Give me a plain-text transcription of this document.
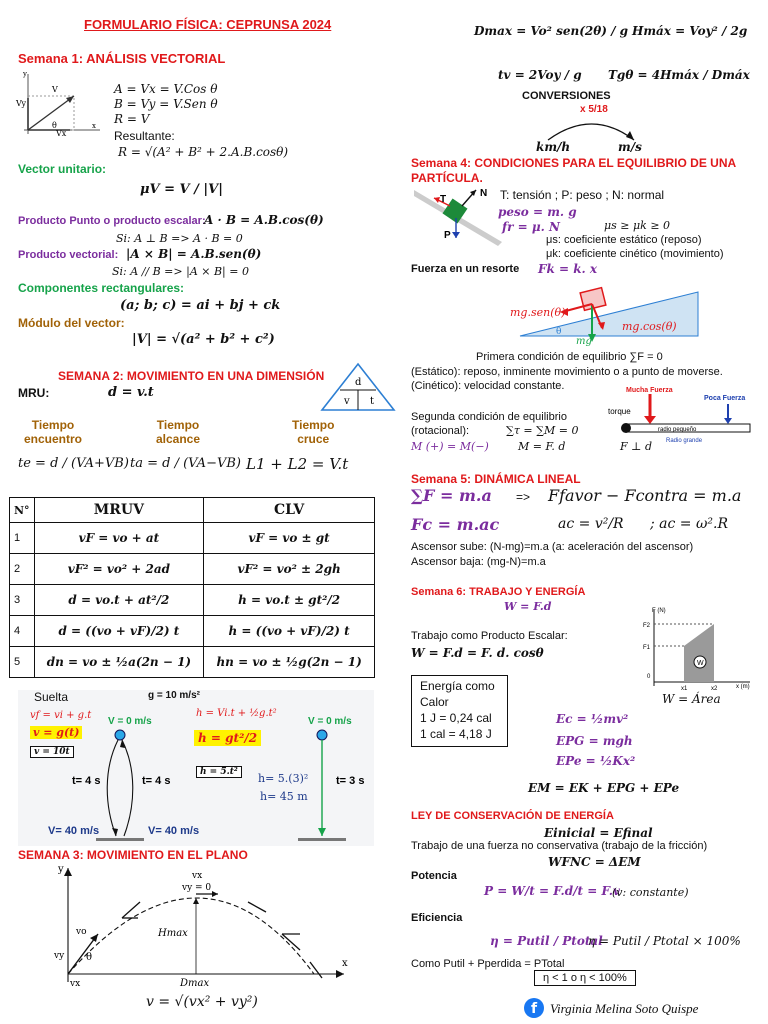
FORMULARIO FÍSICA: CEPRUNSA 2024
Semana 1: ANÁLISIS VECTORIAL
Vy
V
θ
Vx
x
y
A = Vx = V.Cos θ
B = Vy = V.Sen θ
R = V
Resultante:
R = √(A² + B² + 2.A.B.cosθ)
Vector unitario:
μV = V / |V|
Producto Punto o producto escalar:
A · B = A.B.cos(θ)
Si: A ⊥ B => A · B = 0
Producto vectorial: |A × B| = A.B.sen(θ)
Si: A // B => |A × B| = 0
Componentes rectangulares:
(a; b; c) = ai + bj + ck
Módulo del vector:
|V| = √(a² + b² + c²)
SEMANA 2: MOVIMIENTO EN UNA DIMENSIÓN
MRU:	d = v.t
d
v t
Tiempo
encuentro
Tiempo
alcance
Tiempo
cruce
te = d / (VA+VB) ta = d / (VA−VB) L1 + L2 = V.t
N°	MRUV	CLV
1	vF = vo + at	vF = vo ± gt
2	vF² = vo² + 2ad	vF² = vo² ± 2gh
3	d = vo.t + at²/2	h = vo.t ± gt²/2
4	d = ((vo + vF)/2) t	h = ((vo + vF)/2) t
5	dn = vo ± ½a(2n − 1)	hn = vo ± ½g(2n − 1)
Suelta	g = 10 m/s²
vf = vi + g.t
v = g(t)
v = 10t
h = Vi.t + ½g.t²
h = gt²/2
h = 5.t²
V = 0 m/s	V = 0 m/s
t= 4 s	t= 4 s	t= 3 s
h= 5.(3)²
h= 45 m
V= 40 m/s	V= 40 m/s
SEMANA 3: MOVIMIENTO EN EL PLANO
y
x
vx
vy = 0
vo
vy θ
Hmax
Dmax
vx
v = √(vx² + vy²)
Dmax = Vo² sen(2θ) / g Hmáx = Voy² / 2g
tv = 2Voy / g Tgθ = 4Hmáx / Dmáx
CONVERSIONES
x 5/18
km/h	m/s
Semana 4: CONDICIONES PARA EL EQUILIBRIO DE UNA PARTÍCULA.
T
N
P
T: tensión ; P: peso ; N: normal
peso = m. g
fr = μ. N	μs ≥ μk ≥ 0
μs: coeficiente estático (reposo)
μk: coeficiente cinético (movimiento)
Fuerza en un resorte Fk = k. x
θ
mg.sen(θ)
mg.cos(θ)
mg
Primera condición de equilibrio ∑F = 0
(Estático): reposo, inminente movimiento o a punto de moverse.
(Cinético): velocidad constante.
Segunda condición de equilibrio
(rotacional):	∑τ = ∑M = 0
M (+) = M(−)	M = F. d
torque
Mucha Fuerza
Poca Fuerza
radio pequeño
Radio grande
F ⊥ d
Semana 5: DINÁMICA LINEAL
∑F = m.a => Ffavor − Fcontra = m.a
Fc = m.ac	ac = v²/R ; ac = ω².R
Ascensor sube: (N-mg)=m.a (a: aceleración del ascensor)
Ascensor baja: (mg-N)=m.a
Semana 6: TRABAJO Y ENERGÍA
W = F.d
Trabajo como Producto Escalar:
W = F.d = F. d. cosθ
F (N)
F2
F1
x1	x2	x (m)
0
W
W = Área
Energía como
Calor
1 J = 0,24 cal
1 cal = 4,18 J
Ec = ½mv²
EPG = mgh
EPe = ½Kx²
EM = EK + EPG + EPe
LEY DE CONSERVACIÓN DE ENERGÍA
Einicial = Efinal
Trabajo de una fuerza no conservativa (trabajo de la fricción)
WFNC = ΔEM
Potencia
P = W/t = F.d/t = F.v
(v: constante)
Eficiencia
η = Putil / Ptotal
η = Putil / Ptotal × 100%
Como Putil + Pperdida = PTotal
η < 1 o η < 100%
f Virginia Melina Soto Quispe
